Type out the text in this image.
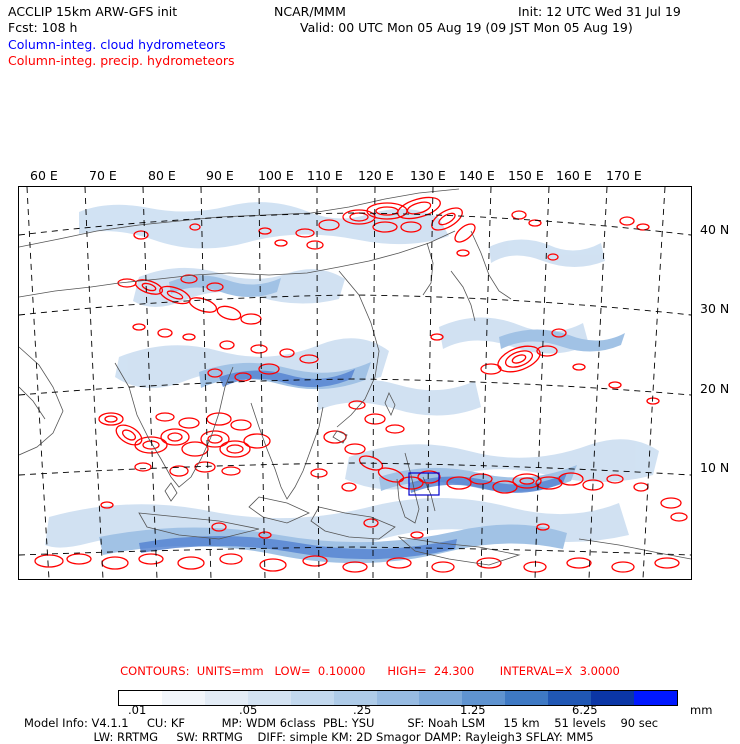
ACCLIP 15km ARW-GFS init
Fcst: 108 h
NCAR/MMM
Valid: 00 UTC Mon 05 Aug 19 (09 JST Mon 05 Aug 19)
Init: 12 UTC Wed 31 Jul 19
Column-integ. cloud hydrometeors
Column-integ. precip. hydrometeors
60 E 70 E 80 E 90 E 100 E 110 E 120 E 130 E 140 E 150 E 160 E 170 E
40 N
30 N
20 N
10 N
CONTOURS:  UNITS=mm   LOW=  0.10000      HIGH=  24.300       INTERVAL=X  3.0000
.01	.05	.25	1.25	6.25	mm
Model Info: V4.1.1     CU: KF          MP: WDM 6class  PBL: YSU         SF: Noah LSM     15 km    51 levels    90 sec
LW: RRTMG     SW: RRTMG    DIFF: simple KM: 2D Smagor DAMP: Rayleigh3 SFLAY: MM5
